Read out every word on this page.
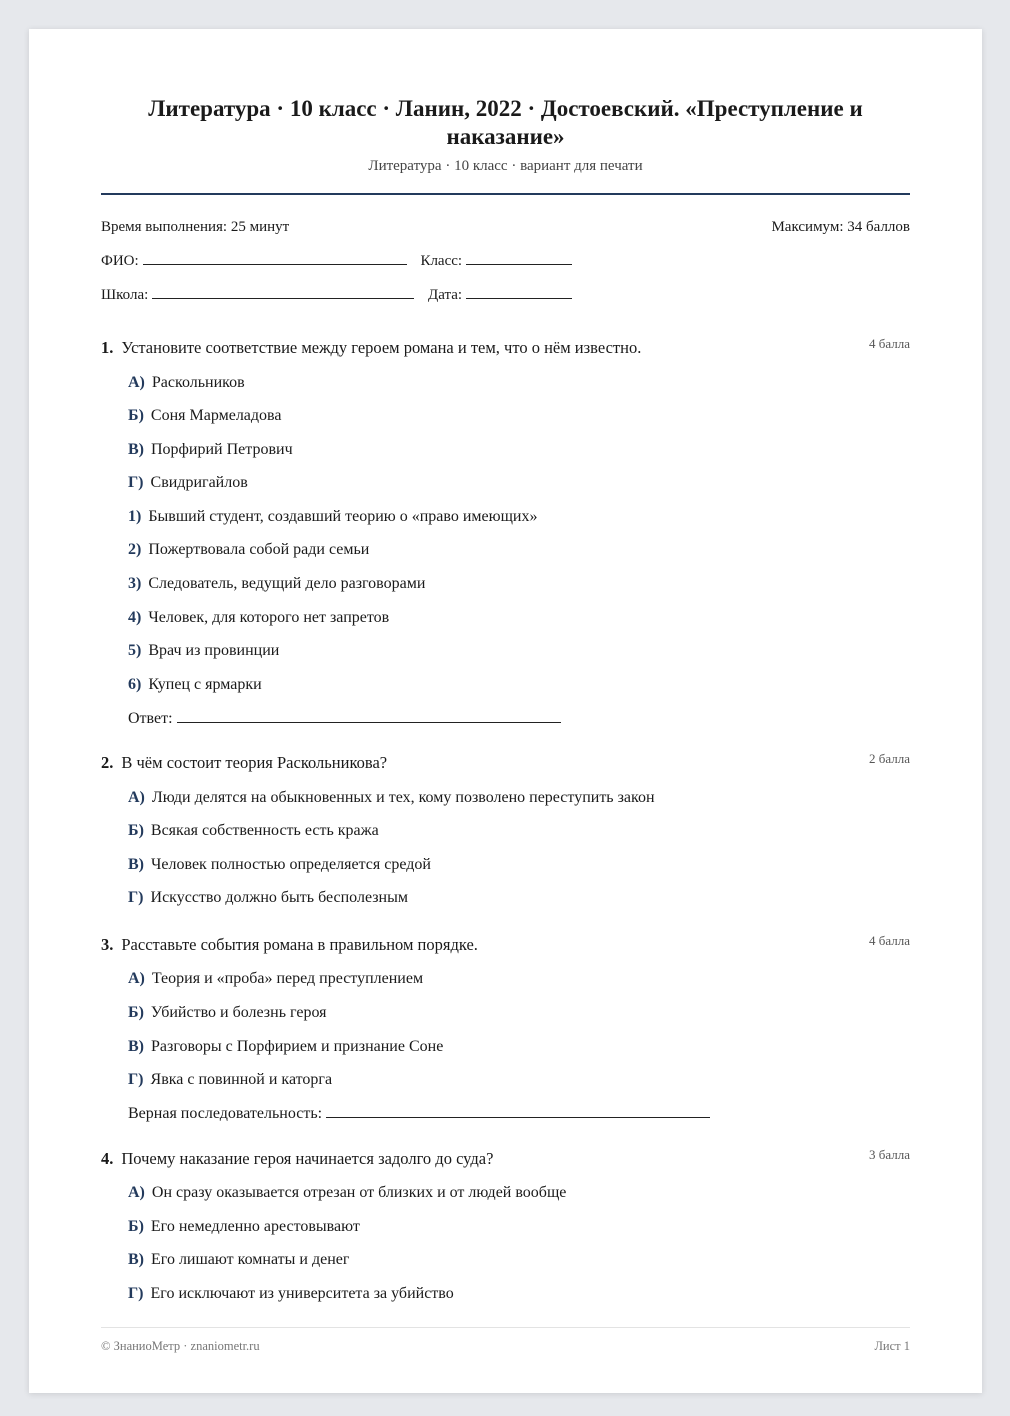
Литература · 10 класс · Ланин, 2022 · Достоевский. «Преступление и наказание»
Литература · 10 класс · вариант для печати
Время выполнения: 25 минут	Максимум: 34 баллов
ФИО:	Класс:
Школа:	Дата:
1. Установите соответствие между героем романа и тем, что о нём известно.	4 балла
А) Раскольников
Б) Соня Мармеладова
В) Порфирий Петрович
Г) Свидригайлов
1) Бывший студент, создавший теорию о «право имеющих»
2) Пожертвовала собой ради семьи
3) Следователь, ведущий дело разговорами
4) Человек, для которого нет запретов
5) Врач из провинции
6) Купец с ярмарки
Ответ:
2. В чём состоит теория Раскольникова?	2 балла
А) Люди делятся на обыкновенных и тех, кому позволено переступить закон
Б) Всякая собственность есть кража
В) Человек полностью определяется средой
Г) Искусство должно быть бесполезным
3. Расставьте события романа в правильном порядке.	4 балла
А) Теория и «проба» перед преступлением
Б) Убийство и болезнь героя
В) Разговоры с Порфирием и признание Соне
Г) Явка с повинной и каторга
Верная последовательность:
4. Почему наказание героя начинается задолго до суда?	3 балла
А) Он сразу оказывается отрезан от близких и от людей вообще
Б) Его немедленно арестовывают
В) Его лишают комнаты и денег
Г) Его исключают из университета за убийство
© ЗнаниоМетр · znaniometr.ru	Лист 1
